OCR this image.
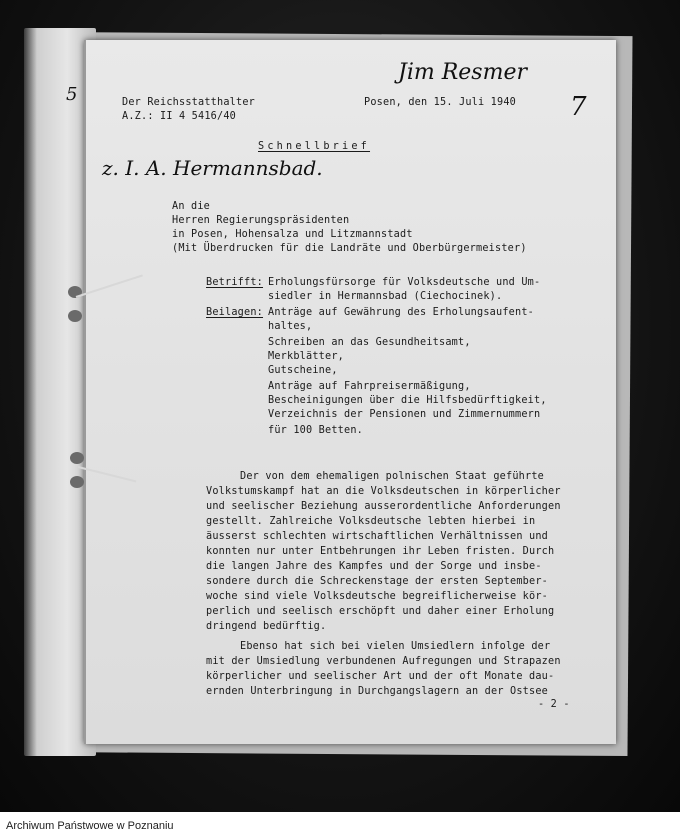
Der Reichsstatthalter
A.Z.: II 4 5416/40
Posen, den 15. Juli 1940
Jim Resmer
7
5
Schnellbrief
z. I. A. Hermannsbad.
An die
Herren Regierungspräsidenten
in Posen, Hohensalza und Litzmannstadt
(Mit Überdrucken für die Landräte und Oberbürgermeister)
Betrifft: Erholungsfürsorge für Volksdeutsche und Um-
siedler in Hermannsbad (Ciechocinek).
Beilagen: Anträge auf Gewährung des Erholungsaufent-
haltes,
Schreiben an das Gesundheitsamt,
Merkblätter,
Gutscheine,
Anträge auf Fahrpreisermäßigung,
Bescheinigungen über die Hilfsbedürftigkeit,
Verzeichnis der Pensionen und Zimmernummern
für 100 Betten.
Der von dem ehemaligen polnischen Staat geführte
Volkstumskampf hat an die Volksdeutschen in körperlicher
und seelischer Beziehung ausserordentliche Anforderungen
gestellt. Zahlreiche Volksdeutsche lebten hierbei in
äusserst schlechten wirtschaftlichen Verhältnissen und
konnten nur unter Entbehrungen ihr Leben fristen. Durch
die langen Jahre des Kampfes und der Sorge und insbe-
sondere durch die Schreckenstage der ersten September-
woche sind viele Volksdeutsche begreiflicherweise kör-
perlich und seelisch erschöpft und daher einer Erholung
dringend bedürftig.
Ebenso hat sich bei vielen Umsiedlern infolge der
mit der Umsiedlung verbundenen Aufregungen und Strapazen
körperlicher und seelischer Art und der oft Monate dau-
ernden Unterbringung in Durchgangslagern an der Ostsee
- 2 -
Archiwum Państwowe w Poznaniu
